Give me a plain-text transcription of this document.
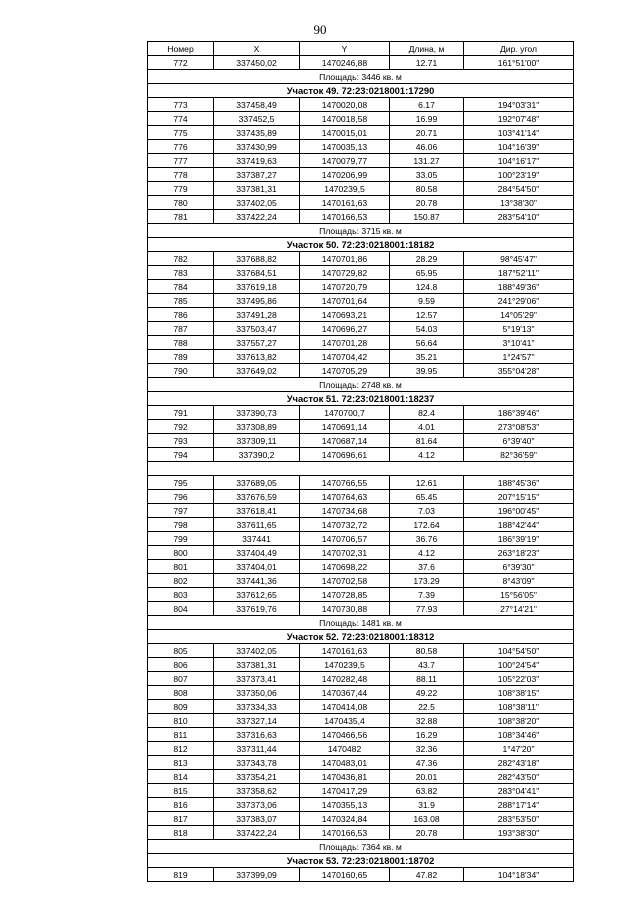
90
Номер	X	Y	Длина, м	Дир. угол
772	337450,02	1470246,88	12.71	161°51'00"
Площадь: 3446 кв. м				
Участок 49. 72:23:0218001:17290				
773	337458,49	1470020,08	6.17	194°03'31"
774	337452,5	1470018,58	16.99	192°07'48"
775	337435,89	1470015,01	20.71	103°41'14"
776	337430,99	1470035,13	46.06	104°16'39"
777	337419,63	1470079,77	131.27	104°16'17"
778	337387,27	1470206,99	33.05	100°23'19"
779	337381,31	1470239,5	80.58	284°54'50"
780	337402,05	1470161,63	20.78	13°38'30"
781	337422,24	1470166,53	150.87	283°54'10"
Площадь: 3715 кв. м				
Участок 50. 72:23:0218001:18182				
782	337688,82	1470701,86	28.29	98°45'47"
783	337684,51	1470729,82	65.95	187°52'11"
784	337619,18	1470720,79	124.8	188°49'36"
785	337495,86	1470701,64	9.59	241°29'06"
786	337491,28	1470693,21	12.57	14°05'29"
787	337503,47	1470696,27	54.03	5°19'13"
788	337557,27	1470701,28	56.64	3°10'41"
789	337613,82	1470704,42	35.21	1°24'57"
790	337649,02	1470705,29	39.95	355°04'28"
Площадь: 2748 кв. м				
Участок 51. 72:23:0218001:18237				
791	337390,73	1470700,7	82.4	186°39'46"
792	337308,89	1470691,14	4.01	273°08'53"
793	337309,11	1470687,14	81.64	6°39'40"
794	337390,2	1470696,61	4.12	82°36'59"

795	337689,05	1470766,55	12.61	188°45'36"
796	337676,59	1470764,63	65.45	207°15'15"
797	337618,41	1470734,68	7.03	196°00'45"
798	337611,65	1470732,72	172.64	188°42'44"
799	337441	1470706,57	36.76	186°39'19"
800	337404,49	1470702,31	4.12	263°18'23"
801	337404,01	1470698,22	37.6	6°39'30"
802	337441,36	1470702,58	173.29	8°43'09"
803	337612,65	1470728,85	7.39	15°56'05"
804	337619,76	1470730,88	77.93	27°14'21"
Площадь: 1481 кв. м				
Участок 52. 72:23:0218001:18312				
805	337402,05	1470161,63	80.58	104°54'50"
806	337381,31	1470239,5	43.7	100°24'54"
807	337373,41	1470282,48	88.11	105°22'03"
808	337350,06	1470367,44	49.22	108°38'15"
809	337334,33	1470414,08	22.5	108°38'11"
810	337327,14	1470435,4	32.88	108°38'20"
811	337316,63	1470466,56	16.29	108°34'46"
812	337311,44	1470482	32.36	1°47'20"
813	337343,78	1470483,01	47.36	282°43'18"
814	337354,21	1470436,81	20.01	282°43'50"
815	337358,62	1470417,29	63.82	283°04'41"
816	337373,06	1470355,13	31.9	288°17'14"
817	337383,07	1470324,84	163.08	283°53'50"
818	337422,24	1470166,53	20.78	193°38'30"
Площадь: 7364 кв. м				
Участок 53. 72:23:0218001:18702				
819	337399,09	1470160,65	47.82	104°18'34"
